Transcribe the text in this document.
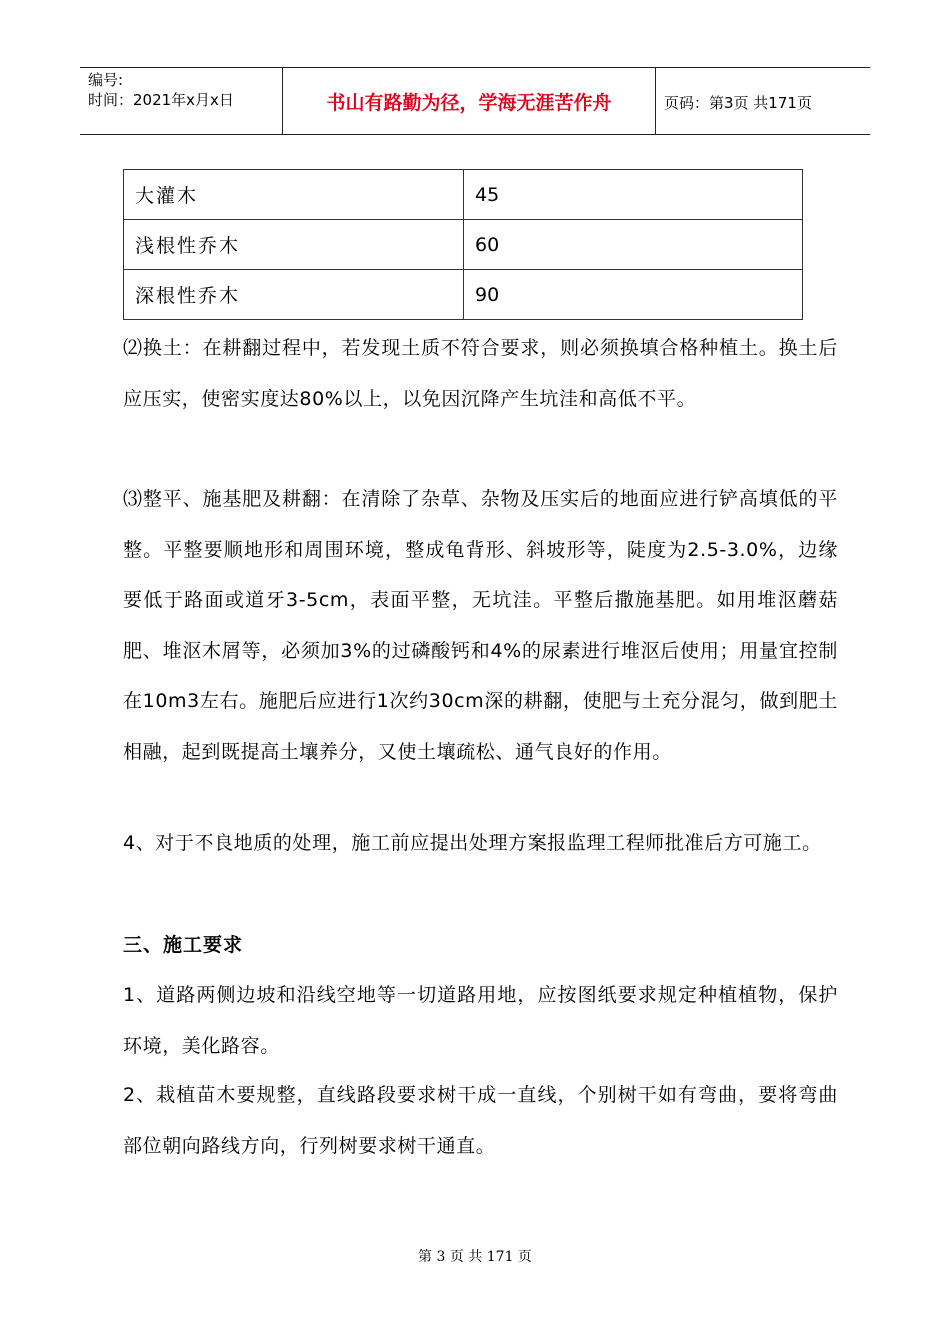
编号:
时间：2021年x月x日	书山有路勤为径，学海无涯苦作舟	页码：第3页 共171页
大灌木	45
浅根性乔木	60
深根性乔木	90

⑵换土：在耕翻过程中，若发现土质不符合要求，则必须换填合格种植土。换土后应压实，使密实度达80%以上，以免因沉降产生坑洼和高低不平。

⑶整平、施基肥及耕翻：在清除了杂草、杂物及压实后的地面应进行铲高填低的平整。平整要顺地形和周围环境，整成龟背形、斜坡形等，陡度为2.5-3.0%，边缘要低于路面或道牙3-5cm，表面平整，无坑洼。平整后撒施基肥。如用堆沤蘑菇肥、堆沤木屑等，必须加3%的过磷酸钙和4%的尿素进行堆沤后使用；用量宜控制在10m3左右。施肥后应进行1次约30cm深的耕翻，使肥与土充分混匀，做到肥土相融，起到既提高土壤养分，又使土壤疏松、通气良好的作用。

4、对于不良地质的处理，施工前应提出处理方案报监理工程师批准后方可施工。

三、施工要求

1、道路两侧边坡和沿线空地等一切道路用地，应按图纸要求规定种植植物，保护环境，美化路容。

2、栽植苗木要规整，直线路段要求树干成一直线，个别树干如有弯曲，要将弯曲部位朝向路线方向，行列树要求树干通直。

第 3 页 共 171 页
